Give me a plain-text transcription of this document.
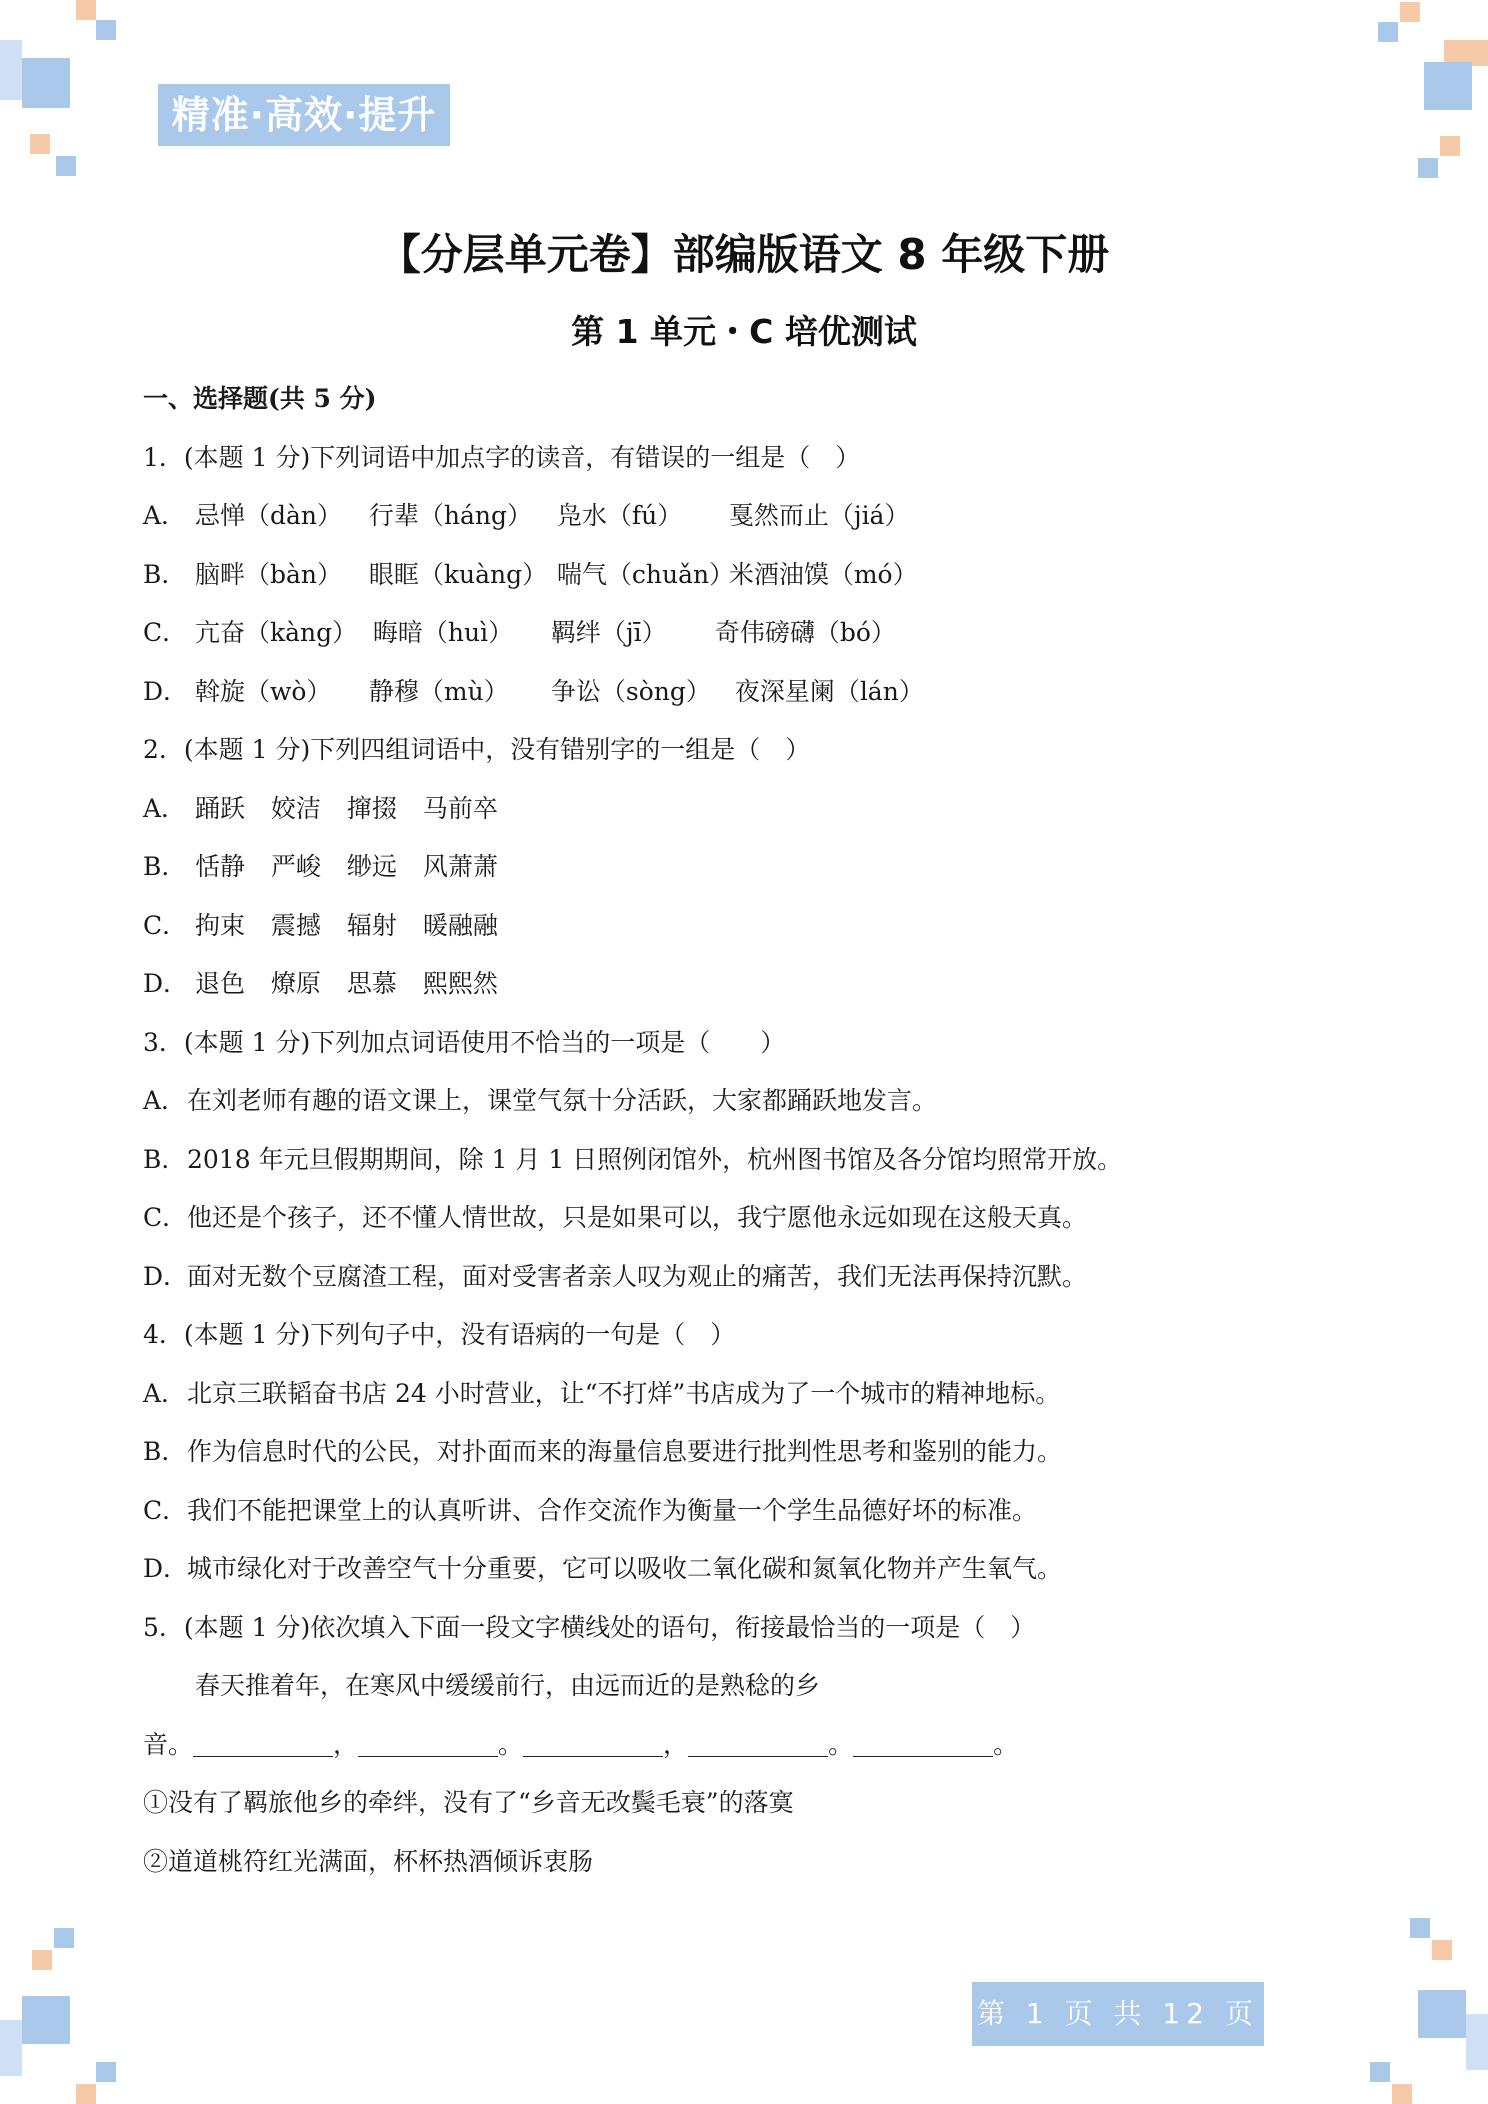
精准·高效·提升
【分层单元卷】部编版语文 8 年级下册
第 1 单元・C 培优测试
一、选择题(共 5 分)
1．(本题 1 分)下列词语中加点字的读音，有错误的一组是（　）
A． 忌惮（dàn） 行辈（háng） 凫水（fú） 戛然而止（jiá）
B． 脑畔（bàn） 眼眶（kuàng） 喘气（chuǎn） 米酒油馍（mó）
C． 亢奋（kàng） 晦暗（huì） 羁绊（jī） 奇伟磅礴（bó）
D． 斡旋（wò） 静穆（mù） 争讼（sòng） 夜深星阑（lán）
2．(本题 1 分)下列四组词语中，没有错别字的一组是（　）
A． 踊跃 姣洁 撺掇 马前卒
B． 恬静 严峻 缈远 风萧萧
C． 拘束 震撼 辐射 暖融融
D． 退色 燎原 思慕 熙熙然
3．(本题 1 分)下列加点词语使用不恰当的一项是（　　）
A．在刘老师有趣的语文课上，课堂气氛十分活跃，大家都踊跃地发言。
B．2018 年元旦假期期间，除 1 月 1 日照例闭馆外，杭州图书馆及各分馆均照常开放。
C．他还是个孩子，还不懂人情世故，只是如果可以，我宁愿他永远如现在这般天真。
D．面对无数个豆腐渣工程，面对受害者亲人叹为观止的痛苦，我们无法再保持沉默。
4．(本题 1 分)下列句子中，没有语病的一句是（　）
A．北京三联韬奋书店 24 小时营业，让“不打烊”书店成为了一个城市的精神地标。
B．作为信息时代的公民，对扑面而来的海量信息要进行批判性思考和鉴别的能力。
C．我们不能把课堂上的认真听讲、合作交流作为衡量一个学生品德好坏的标准。
D．城市绿化对于改善空气十分重要，它可以吸收二氧化碳和氮氧化物并产生氧气。
5．(本题 1 分)依次填入下面一段文字横线处的语句，衔接最恰当的一项是（　）
春天推着年，在寒风中缓缓前行，由远而近的是熟稔的乡
音。	，	。	，	。	。
①没有了羁旅他乡的牵绊，没有了“乡音无改鬓毛衰”的落寞
②道道桃符红光满面，杯杯热酒倾诉衷肠
第 1 页 共 12 页
